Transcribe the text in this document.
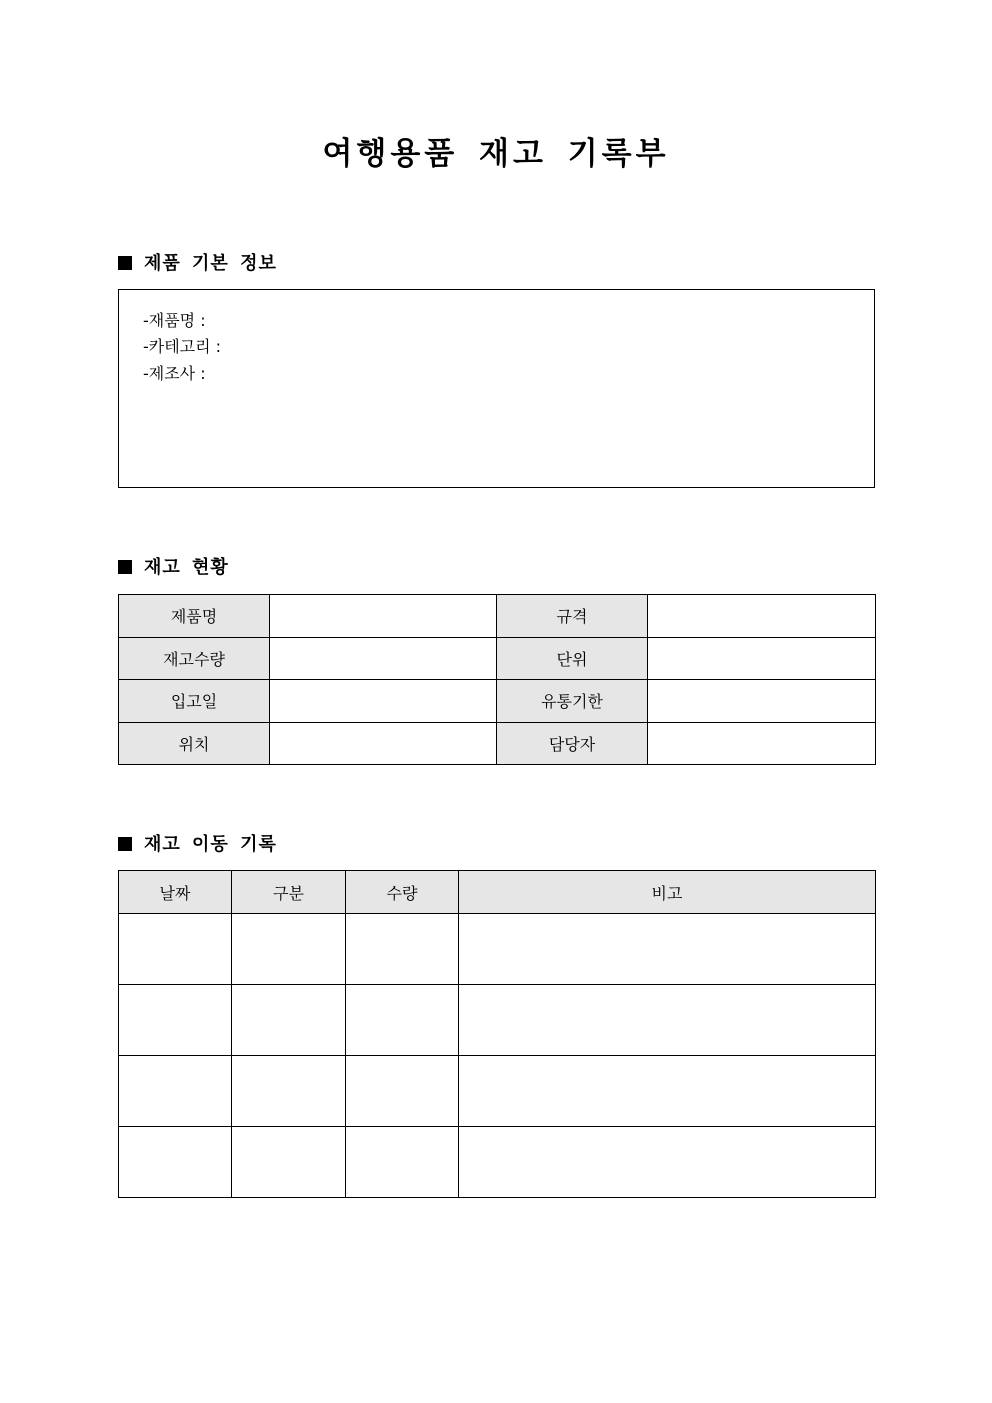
여행용품 재고 기록부
제품 기본 정보
-재품명 :
-카테고리 :
-제조사 :
재고 현황
제품명		규격	
재고수량		단위	
입고일		유통기한	
위치		담당자	
재고 이동 기록
날짜	구분	수량	비고
